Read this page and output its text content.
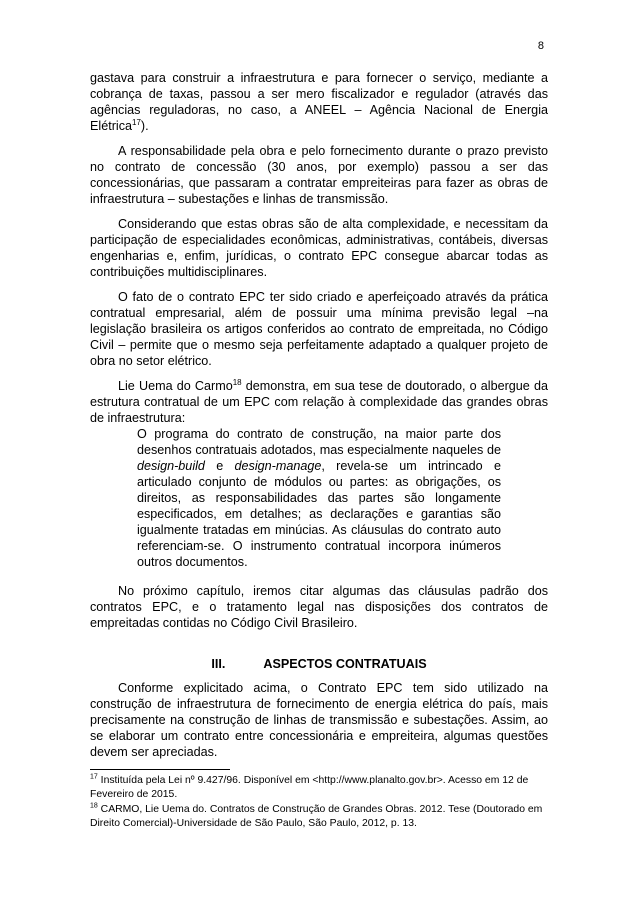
8

gastava para construir a infraestrutura e para fornecer o serviço, mediante a cobrança de taxas, passou a ser mero fiscalizador e regulador (através das agências reguladoras, no caso, a ANEEL – Agência Nacional de Energia Elétrica$^{17}$).

A responsabilidade pela obra e pelo fornecimento durante o prazo previsto no contrato de concessão (30 anos, por exemplo) passou a ser das concessionárias, que passaram a contratar empreiteiras para fazer as obras de infraestrutura – subestações e linhas de transmissão.

Considerando que estas obras são de alta complexidade, e necessitam da participação de especialidades econômicas, administrativas, contábeis, diversas engenharias e, enfim, jurídicas, o contrato EPC consegue abarcar todas as contribuições multidisciplinares.

O fato de o contrato EPC ter sido criado e aperfeiçoado através da prática contratual empresarial, além de possuir uma mínima previsão legal –na legislação brasileira os artigos conferidos ao contrato de empreitada, no Código Civil – permite que o mesmo seja perfeitamente adaptado a qualquer projeto de obra no setor elétrico.

Lie Uema do Carmo$^{18}$ demonstra, em sua tese de doutorado, o albergue da estrutura contratual de um EPC com relação à complexidade das grandes obras de infraestrutura:

O programa do contrato de construção, na maior parte dos desenhos contratuais adotados, mas especialmente naqueles de design-build e design-manage, revela-se um intrincado e articulado conjunto de módulos ou partes: as obrigações, os direitos, as responsabilidades das partes são longamente especificados, em detalhes; as declarações e garantias são igualmente tratadas em minúcias. As cláusulas do contrato auto referenciam-se. O instrumento contratual incorpora inúmeros outros documentos.

No próximo capítulo, iremos citar algumas das cláusulas padrão dos contratos EPC, e o tratamento legal nas disposições dos contratos de empreitadas contidas no Código Civil Brasileiro.

III.	ASPECTOS CONTRATUAIS

Conforme explicitado acima, o Contrato EPC tem sido utilizado na construção de infraestrutura de fornecimento de energia elétrica do país, mais precisamente na construção de linhas de transmissão e subestações. Assim, ao se elaborar um contrato entre concessionária e empreiteira, algumas questões devem ser apreciadas.

$^{17}$ Instituída pela Lei nº 9.427/96. Disponível em <http://www.planalto.gov.br>. Acesso em 12 de Fevereiro de 2015.

$^{18}$ CARMO, Lie Uema do. Contratos de Construção de Grandes Obras. 2012. Tese (Doutorado em Direito Comercial)-Universidade de São Paulo, São Paulo, 2012, p. 13.
